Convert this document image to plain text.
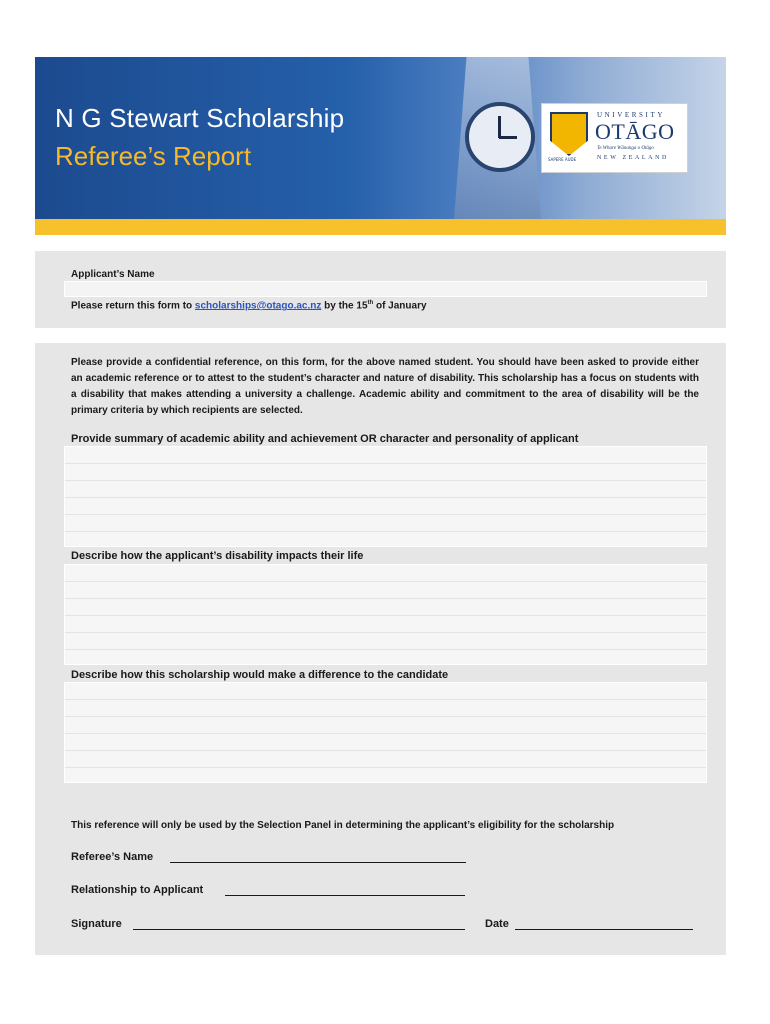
N G Stewart Scholarship
Referee’s Report	SAPERE AUDE
UNIVERSITY
OTĀGO
Te Whare Wānanga o Otāgo
NEW ZEALAND
Applicant’s Name
Please return this form to scholarships@otago.ac.nz by the 15th of January
Please provide a confidential reference, on this form, for the above named student. You should have been asked to provide either an academic reference or to attest to the student’s character and nature of disability. This scholarship has a focus on students with a disability that makes attending a university a challenge. Academic ability and commitment to the area of disability will be the primary criteria by which recipients are selected.
Provide summary of academic ability and achievement OR character and personality of applicant
Describe how the applicant’s disability impacts their life
Describe how this scholarship would make a difference to the candidate
This reference will only be used by the Selection Panel in determining the applicant’s eligibility for the scholarship
Referee’s Name
Relationship to Applicant
Signature	Date
